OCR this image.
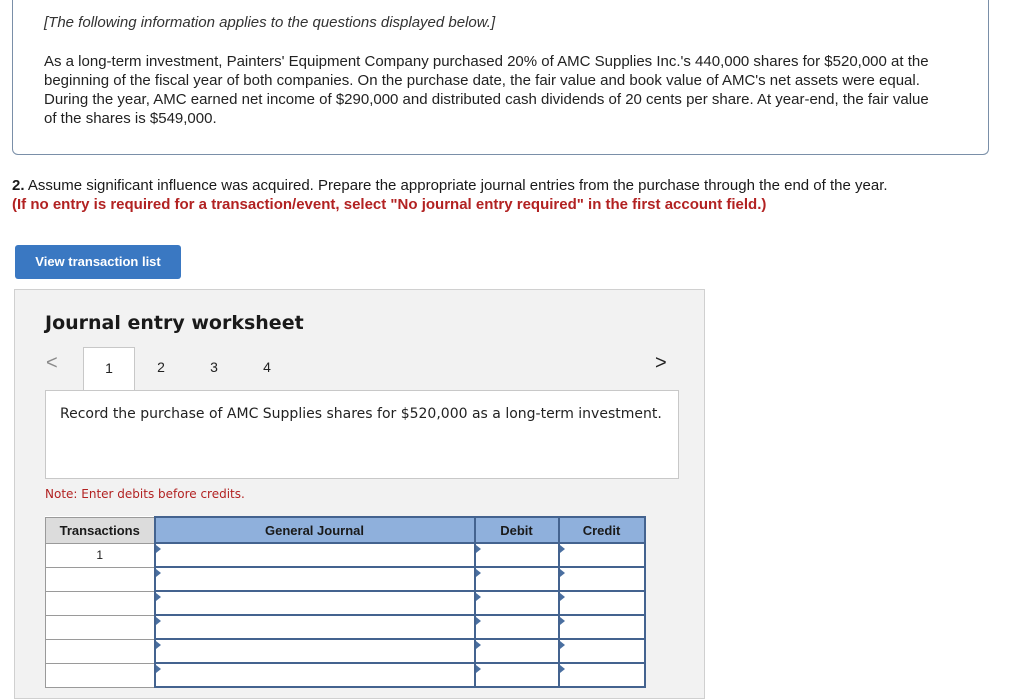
[The following information applies to the questions displayed below.]
As a long-term investment, Painters' Equipment Company purchased 20% of AMC Supplies Inc.'s 440,000 shares for $520,000 at the beginning of the fiscal year of both companies. On the purchase date, the fair value and book value of AMC's net assets were equal. During the year, AMC earned net income of $290,000 and distributed cash dividends of 20 cents per share. At year-end, the fair value of the shares is $549,000.
2. Assume significant influence was acquired. Prepare the appropriate journal entries from the purchase through the end of the year.
(If no entry is required for a transaction/event, select "No journal entry required" in the first account field.)
View transaction list
Journal entry worksheet
<	1	2	3	4	>
Record the purchase of AMC Supplies shares for $520,000 as a long-term investment.
Note: Enter debits before credits.
Transactions	General Journal	Debit	Credit
1			
